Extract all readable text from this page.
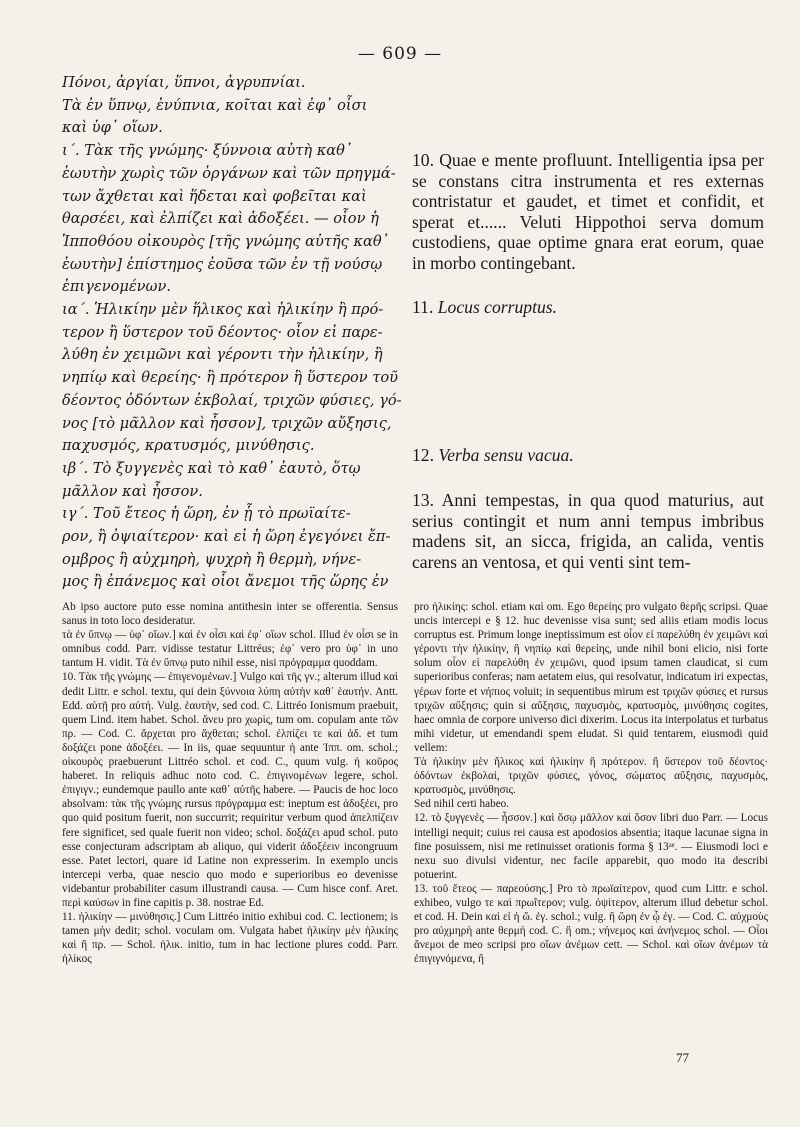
— 609 —
Πόνοι, ἀργίαι, ὕπνοι, ἀγρυπνίαι.
Τὰ ἐν ὕπνῳ, ἐνύπνια, κοῖται καὶ ἐφ᾽ οἷσι
καὶ ὑφ᾽ οἵων.
ι΄. Τὰκ τῆς γνώμης· ξύννοια αὐτὴ καθ᾽
ἑωυτὴν χωρὶς τῶν ὀργάνων καὶ τῶν πρηγμά-
των ἄχθεται καὶ ἥδεται καὶ φοβεῖται καὶ
θαρσέει, καὶ ἐλπίζει καὶ ἀδοξέει. — οἷον ἡ
Ἱπποθόου οἰκουρὸς [τῆς γνώμης αὐτῆς καθ᾽
ἑωυτὴν] ἐπίστημος ἐοῦσα τῶν ἐν τῇ νούσῳ
ἐπιγενομένων.
ια΄. Ἡλικίην μὲν ἥλικος καὶ ἡλικίην ἢ πρό-
τερον ἢ ὕστερον τοῦ δέοντος· οἷον εἰ παρε-
λύθη ἐν χειμῶνι καὶ γέροντι τὴν ἡλικίην, ἢ
νηπίῳ καὶ θερείης· ἢ πρότερον ἢ ὕστερον τοῦ
δέοντος ὀδόντων ἐκβολαί, τριχῶν φύσιες, γό-
νος [τὸ μᾶλλον καὶ ἧσσον], τριχῶν αὔξησις,
παχυσμός, κρατυσμός, μινύθησις.
ιβ΄. Τὸ ξυγγενὲς καὶ τὸ καθ᾽ ἑαυτὸ, ὅτῳ
μᾶλλον καὶ ἧσσον.
ιγ΄. Τοῦ ἔτεος ἡ ὥρη, ἐν ᾗ τὸ πρωϊαίτε-
ρον, ἢ ὀψιαίτερον· καὶ εἰ ἡ ὥρη ἐγεγόνει ἔπ-
ομβρος ἢ αὐχμηρὴ, ψυχρὴ ἢ θερμὴ, νήνε-
μος ἢ ἐπάνεμος καὶ οἷοι ἄνεμοι τῆς ὥρης ἐν

10. Quae e mente profluunt. Intelligentia ipsa per se constans citra instrumenta et res externas contristatur et gaudet, et timet et confidit, et sperat et...... Veluti Hippothoi serva domum custodiens, quae optime gnara erat eorum, quae in morbo contingebant.

11. Locus corruptus.

12. Verba sensu vacua.

13. Anni tempestas, in qua quod maturius, aut serius contingit et num anni tempus imbribus madens sit, an sicca, frigida, an calida, ventis carens an ventosa, et qui venti sint tem-

Ab ipso auctore puto esse nomina antithesin inter se offerentia. Sensus sanus in toto loco desideratur.

τὰ ἐν ὕπνῳ — ὑφ᾽ οἵων.] καὶ ἐν οἷσι καὶ ἐφ᾽ οἵων schol. Illud ἐν οἷσι se in omnibus codd. Parr. vidisse testatur Littréus; ἐφ᾽ vero pro ὑφ᾽ in uno tantum H. vidit. Τὰ ἐν ὕπνῳ puto nihil esse, nisi πρόγραμμα quoddam.

10. Τὰκ τῆς γνώμης — ἐπιγενομένων.] Vulgo καὶ τῆς γν.; alterum illud καὶ dedit Littr. e schol. textu, qui dein ξύννοια λύπη αὐτὴν καθ᾽ ἑαυτήν. Antt. Edd. αὐτῇ pro αὐτή. Vulg. ἑαυτὴν, sed cod. C. Littréo Ionismum praebuit, quem Lind. item habet. Schol. ἄνευ pro χωρὶς, tum om. copulam ante τῶν πρ. — Cod. C. ἄρχεται pro ἄχθεται; schol. ἐλπίζει τε καὶ ἀδ. et tum δοξάζει pone ἀδοξέει. — In iis, quae sequuntur ἡ ante Ἱππ. om. schol.; οἰκουρὸς praebuerunt Littréo schol. et cod. C., quum vulg. ἡ κοῦρος haberet. In reliquis adhuc noto cod. C. ἐπιγινομένων legere, schol. ἐπιγιγν.; eundemque paullo ante καθ᾽ αὐτῆς habere. — Paucis de hoc loco absolvam: τὰκ τῆς γνώμης rursus πρόγραμμα est: ineptum est ἀδοξέει, pro quo quid positum fuerit, non succurrit; requiritur verbum quod ἀπελπίζειν fere significet, sed quale fuerit non video; schol. δοξάζει apud schol. puto esse conjecturam adscriptam ab aliquo, qui viderit ἀδοξέειν incongruum esse. Patet lectori, quare id Latine non expresserim. In exemplo uncis intercepi verba, quae nescio quo modo e superioribus eo devenisse videbantur probabiliter casum illustrandi causa. — Cum hisce conf. Aret. περὶ καύσων in fine capitis p. 38. nostrae Ed.

11. ἡλικίην — μινύθησις.] Cum Littréo initio exhibui cod. C. lectionem; is tamen μὴν dedit; schol. voculam om. Vulgata habet ἡλικίην μὲν ἡλικίης καὶ ἢ πρ. — Schol. ἡλικ. initio, tum in hac lectione plures codd. Parr. ἡλίκος

pro ἡλικίης: schol. etiam καὶ om. Ego θερείης pro vulgato θερῆς scripsi. Quae uncis intercepi e § 12. huc devenisse visa sunt; sed aliis etiam modis locus corruptus est. Primum longe ineptissimum est οἷον εἰ παρελύθη ἐν χειμῶνι καὶ γέροντι τὴν ἡλικίην, ἢ νηπίῳ καὶ θερείης, unde nihil boni elicio, nisi forte solum οἷον εἰ παρελύθη ἐν χειμῶνι, quod ipsum tamen claudicat, si cum superioribus conferas; nam aetatem eius, qui resolvatur, indicatum iri expectas, γέρων forte et νήπιος voluit; in sequentibus mirum est τριχῶν φύσιες et rursus τριχῶν αὔξησις; quin si αὔξησις, παχυσμὸς, κρατυσμὸς, μινύθησις cogites, haec omnia de corpore universo dici dixerim. Locus ita interpolatus et turbatus mihi videtur, ut emendandi spem eludat. Si quid tentarem, eiusmodi quid vellem:

Τὰ ἡλικίην μὲν ἥλικος καὶ ἡλικίην ἢ πρότερον. ἢ ὕστερον τοῦ δέοντος· ὀδόντων ἐκβολαί, τριχῶν φύσιες, γόνος, σώματος αὔξησις, παχυσμὸς, κρατυσμὸς, μινύθησις.

Sed nihil certi habeo.

12. τὸ ξυγγενὲς — ἧσσον.] καὶ ὅσῳ μᾶλλον καὶ ὅσον libri duo Parr. — Locus intelligi nequit; cuius rei causa est apodosios absentia; itaque lacunae signa in fine posuissem, nisi me retinuisset orationis forma § 13ᵃᵉ. — Eiusmodi loci e nexu suo divulsi videntur, nec facile apparebit, quo modo ita describi potuerint.

13. τοῦ ἔτεος — παρεούσης.] Pro τὸ πρωϊαίτερον, quod cum Littr. e schol. exhibeo, vulgo τε καὶ πρωΐτερον; vulg. ὀψίτερον, alterum illud debetur schol. et cod. H. Dein καὶ εἰ ἡ ὥ. ἐγ. schol.; vulg. ἢ ὥρη ἐν ᾧ ἐγ. — Cod. C. αὐχμοὺς pro αὐχμηρὴ ante θερμή cod. C. ἢ om.; νήνεμος καὶ ἀνήνεμος schol. — Οἷοι ἄνεμοι de meo scripsi pro οἵων ἀνέμων cett. — Schol. καὶ οἵων ἀνέμων τὰ ἐπιγιγνόμενα, ἢ

77
